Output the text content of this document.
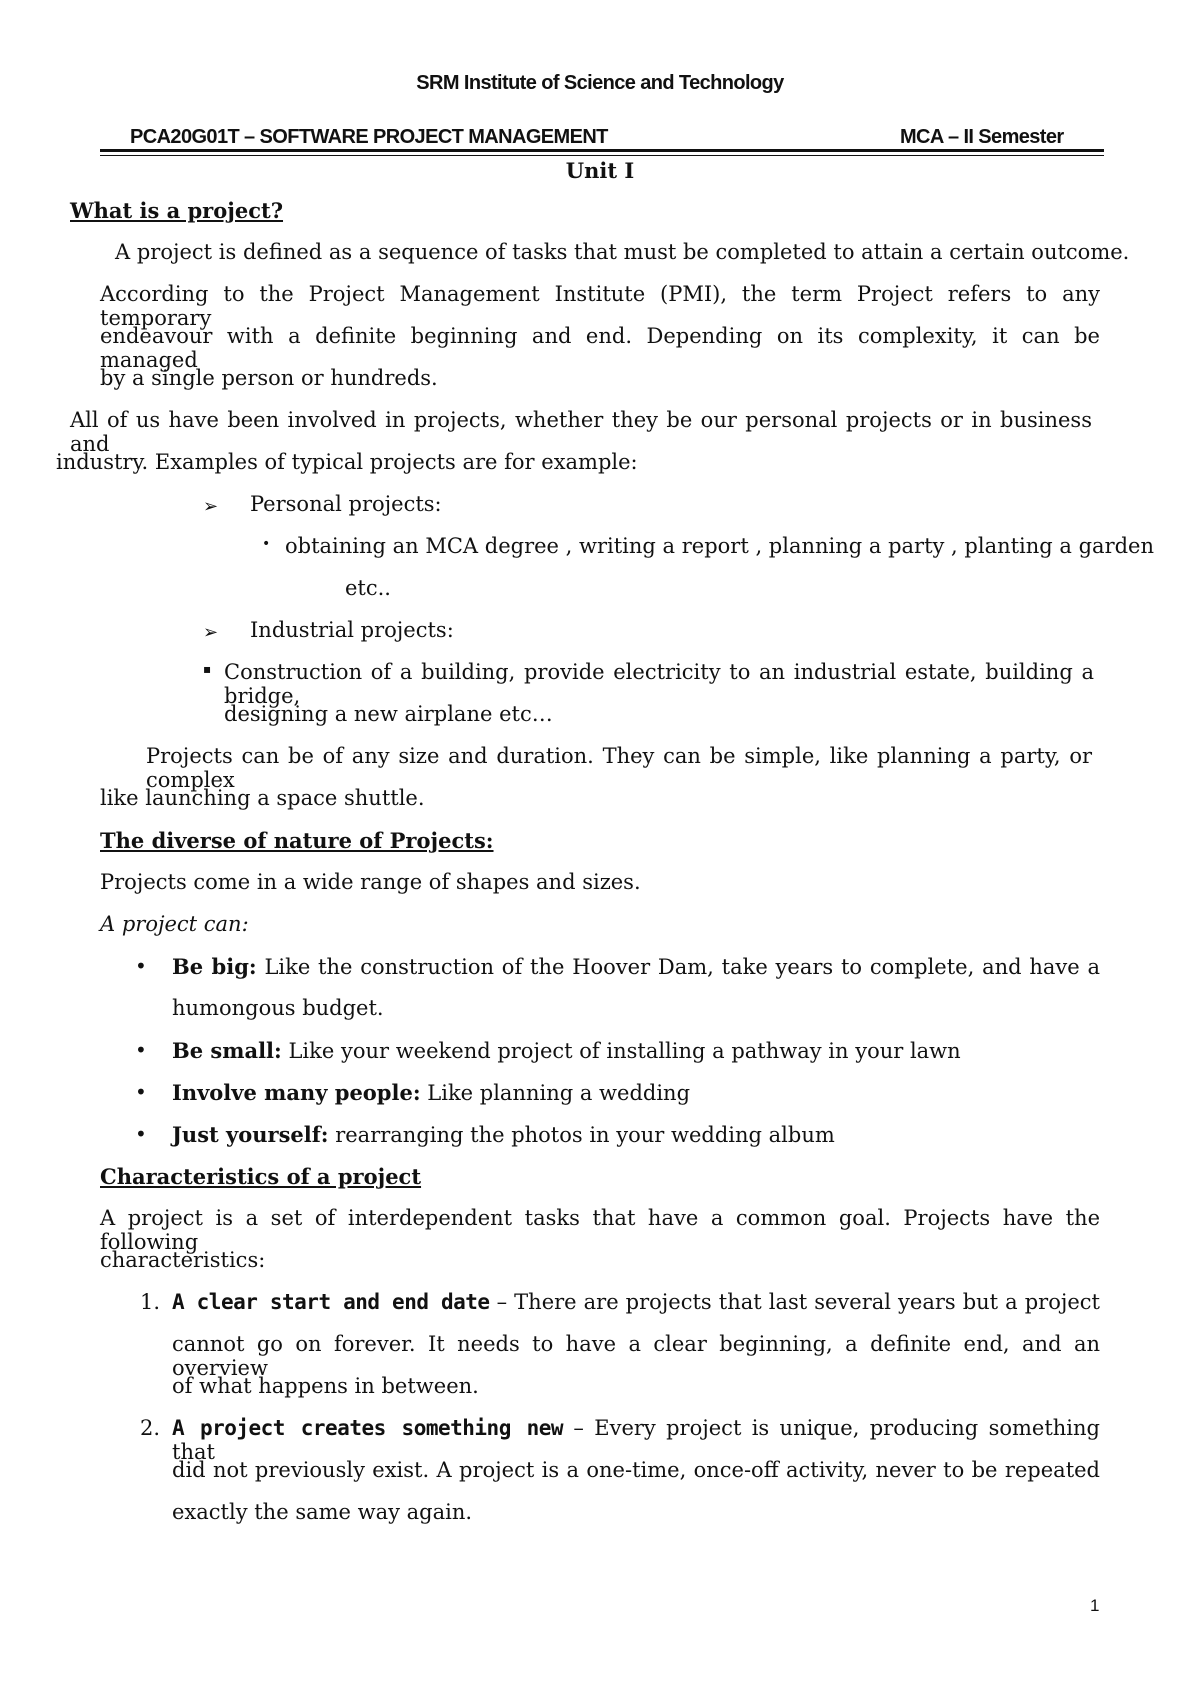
SRM Institute of Science and Technology
PCA20G01T – SOFTWARE PROJECT MANAGEMENT	MCA – II Semester
Unit I
What is a project?
A project is defined as a sequence of tasks that must be completed to attain a certain outcome.
According to the Project Management Institute (PMI), the term Project refers to any temporary
endeavour with a definite beginning and end. Depending on its complexity, it can be managed
by a single person or hundreds.
All of us have been involved in projects, whether they be our personal projects or in business and
industry. Examples of typical projects are for example:
➢ Personal projects:
• obtaining an MCA degree , writing a report , planning a party , planting a garden
etc..
➢ Industrial projects:
▪ Construction of a building, provide electricity to an industrial estate, building a bridge,
designing a new airplane etc…
Projects can be of any size and duration. They can be simple, like planning a party, or complex
like launching a space shuttle.
The diverse of nature of Projects:
Projects come in a wide range of shapes and sizes.
A project can:
• Be big: Like the construction of the Hoover Dam, take years to complete, and have a
humongous budget.
• Be small: Like your weekend project of installing a pathway in your lawn
• Involve many people: Like planning a wedding
• Just yourself: rearranging the photos in your wedding album
Characteristics of a project
A project is a set of interdependent tasks that have a common goal. Projects have the following
characteristics:
1. A clear start and end date – There are projects that last several years but a project
cannot go on forever. It needs to have a clear beginning, a definite end, and an overview
of what happens in between.
2. A project creates something new – Every project is unique, producing something that
did not previously exist. A project is a one-time, once-off activity, never to be repeated
exactly the same way again.
1
